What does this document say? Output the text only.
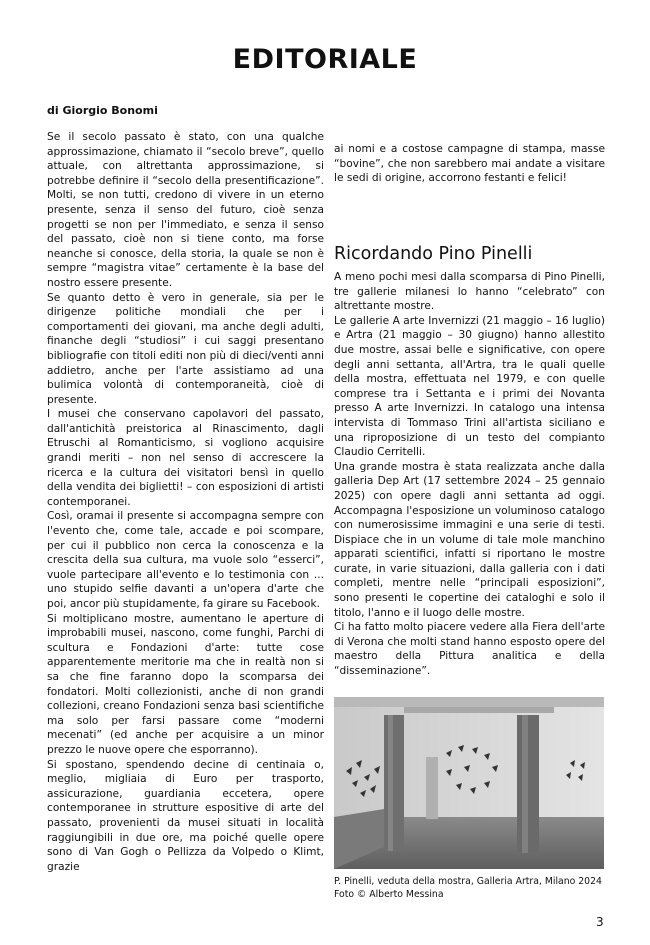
EDITORIALE
di Giorgio Bonomi

Se il secolo passato è stato, con una qualche approssimazione, chiamato il “secolo breve”, quello attuale, con altrettanta approssimazione, si potrebbe definire il “secolo della presentificazione”. Molti, se non tutti, credono di vivere in un eterno presente, senza il senso del futuro, cioè senza progetti se non per l'immediato, e senza il senso del passato, cioè non si tiene conto, ma forse neanche si conosce, della storia, la quale se non è sempre “magistra vitae” certamente è la base del nostro essere presente.

Se quanto detto è vero in generale, sia per le dirigenze politiche mondiali che per i comportamenti dei giovani, ma anche degli adulti, finanche degli “studiosi” i cui saggi presentano bibliografie con titoli editi non più di dieci/venti anni addietro, anche per l'arte assistiamo ad una bulimica volontà di contemporaneità, cioè di presente.

I musei che conservano capolavori del passato, dall'antichità preistorica al Rinascimento, dagli Etruschi al Romanticismo, si vogliono acquisire grandi meriti – non nel senso di accrescere la ricerca e la cultura dei visitatori bensì in quello della vendita dei biglietti! – con esposizioni di artisti contemporanei.

Così, oramai il presente si accompagna sempre con l'evento che, come tale, accade e poi scompare, per cui il pubblico non cerca la conoscenza e la crescita della sua cultura, ma vuole solo “esserci”, vuole partecipare all'evento e lo testimonia con ... uno stupido selfie davanti a un'opera d'arte che poi, ancor più stupidamente, fa girare su Facebook.

Si moltiplicano mostre, aumentano le aperture di improbabili musei, nascono, come funghi, Parchi di scultura e Fondazioni d'arte: tutte cose apparentemente meritorie ma che in realtà non si sa che fine faranno dopo la scomparsa dei fondatori. Molti collezionisti, anche di non grandi collezioni, creano Fondazioni senza basi scientifiche ma solo per farsi passare come “moderni mecenati” (ed anche per acquisire a un minor prezzo le nuove opere che esporranno).

Si spostano, spendendo decine di centinaia o, meglio, migliaia di Euro per trasporto, assicurazione, guardiania eccetera, opere contemporanee in strutture espositive di arte del passato, provenienti da musei situati in località raggiungibili in due ore, ma poiché quelle opere sono di Van Gogh o Pellizza da Volpedo o Klimt, grazie

ai nomi e a costose campagne di stampa, masse “bovine”, che non sarebbero mai andate a visitare le sedi di origine, accorrono festanti e felici!

Ricordando Pino Pinelli

A meno pochi mesi dalla scomparsa di Pino Pinelli, tre gallerie milanesi lo hanno “celebrato” con altrettante mostre.

Le gallerie A arte Invernizzi (21 maggio – 16 luglio) e Artra (21 maggio – 30 giugno) hanno allestito due mostre, assai belle e significative, con opere degli anni settanta, all'Artra, tra le quali quelle della mostra, effettuata nel 1979, e con quelle comprese tra i Settanta e i primi dei Novanta presso A arte Invernizzi. In catalogo una intensa intervista di Tommaso Trini all'artista siciliano e una riproposizione di un testo del compianto Claudio Cerritelli.

Una grande mostra è stata realizzata anche dalla galleria Dep Art (17 settembre 2024 – 25 gennaio 2025) con opere dagli anni settanta ad oggi. Accompagna l'esposizione un voluminoso catalogo con numerosissime immagini e una serie di testi. Dispiace che in un volume di tale mole manchino apparati scientifici, infatti si riportano le mostre curate, in varie situazioni, dalla galleria con i dati completi, mentre nelle “principali esposizioni”, sono presenti le copertine dei cataloghi e solo il titolo, l'anno e il luogo delle mostre.

Ci ha fatto molto piacere vedere alla Fiera dell'arte di Verona che molti stand hanno esposto opere del maestro della Pittura analitica e della “disseminazione”.

P. Pinelli, veduta della mostra, Galleria Artra, Milano 2024
Foto © Alberto Messina
3
